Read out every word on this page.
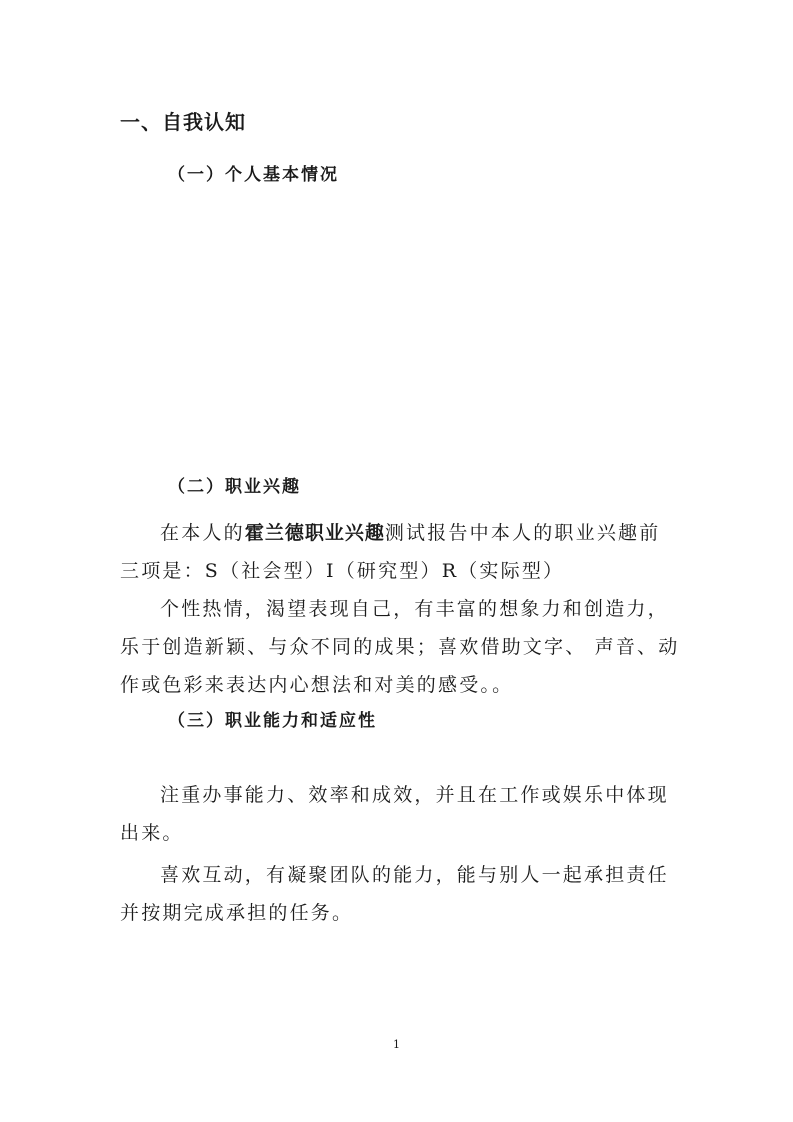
一、自我认知
（一）个人基本情况
（二）职业兴趣
在本人的霍兰德职业兴趣测试报告中本人的职业兴趣前三项是：S（社会型）I（研究型）R（实际型）
个性热情，渴望表现自己，有丰富的想象力和创造力，乐于创造新颖、与众不同的成果；喜欢借助文字、 声音、动作或色彩来表达内心想法和对美的感受。。
（三）职业能力和适应性
注重办事能力、效率和成效，并且在工作或娱乐中体现出来。
喜欢互动，有凝聚团队的能力，能与别人一起承担责任并按期完成承担的任务。
1
